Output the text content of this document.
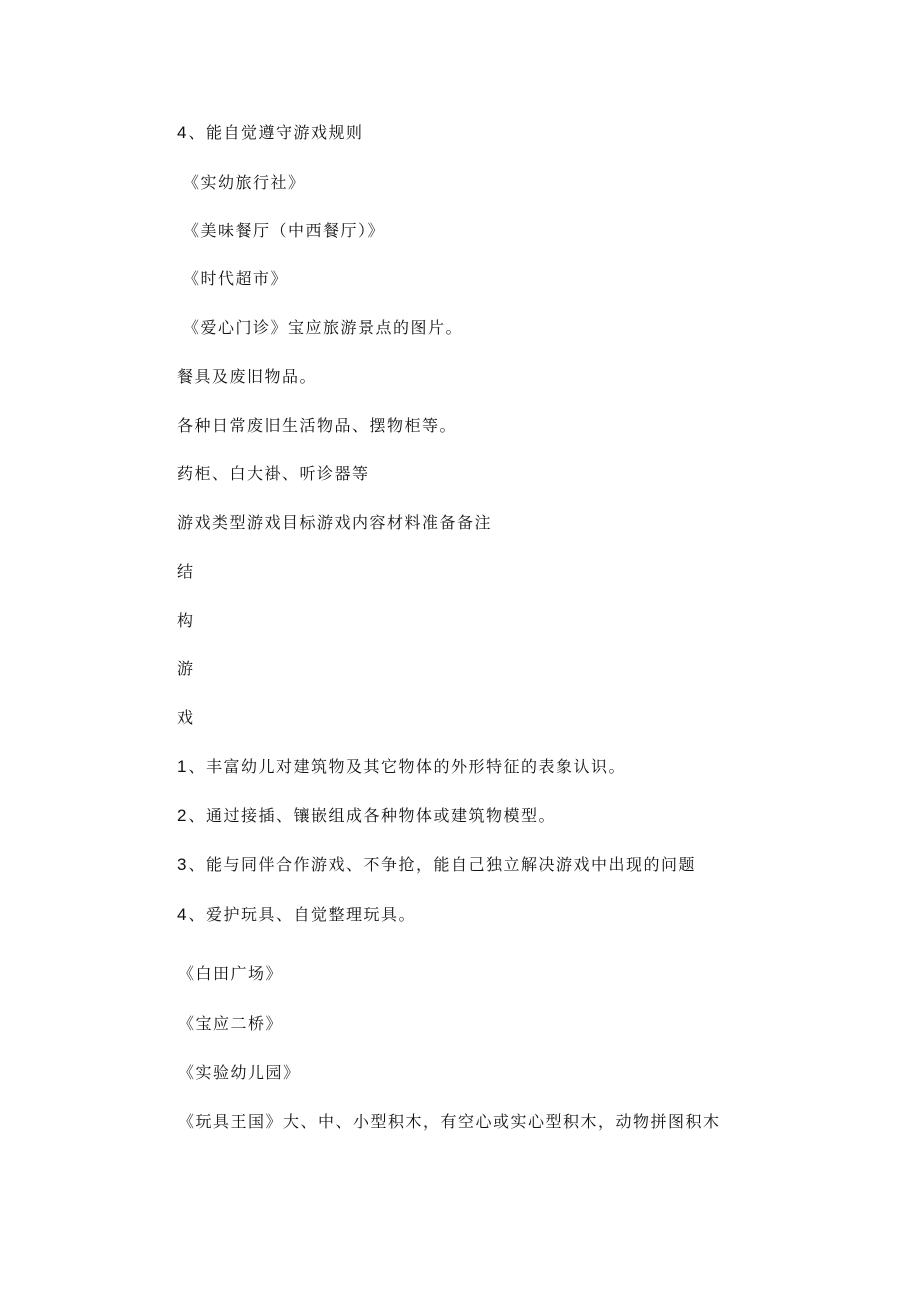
4 、能自觉遵守游戏规则
《实幼旅行社》
《美味餐厅（中西餐厅）》
《时代超市》
《爱心门诊》宝应旅游景点的图片。
餐具及废旧物品。
各种日常废旧生活物品、摆物柜等。
药柜、白大褂、听诊器等
游戏类型游戏目标游戏内容材料准备备注
结
构
游
戏
1 、丰富幼儿对建筑物及其它物体的外形特征的表象认识。
2 、通过接插、镶嵌组成各种物体或建筑物模型。
3 、能与同伴合作游戏、不争抢，能自己独立解决游戏中出现的问题
4 、爱护玩具、自觉整理玩具。
《白田广场》
《宝应二桥》
《实验幼儿园》
《玩具王国》大、中、小型积木，有空心或实心型积木，动物拼图积木
